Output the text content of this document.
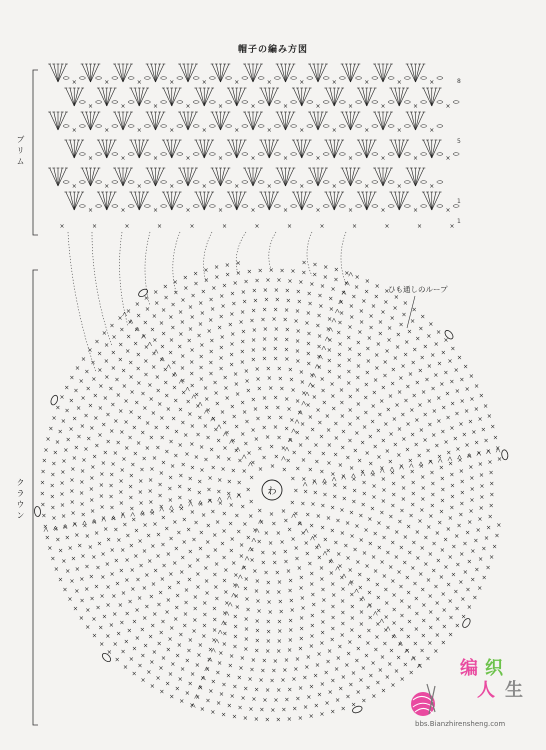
帽子の編み方図
ブリム
クラウン
8
5
1
1
ひも通しのループ
わ
×	×	×	×	×	×	×	×	×	×	×	×
×	×	×	×	×	×	×	×	×	×	×	×
×	×	×	×	×	×	×	×	×	×	×	×
×	×	×	×	×	×	×	×	×	×	×	×
×	×	×	×	×	×	×	×	×	×	×	×
×	×	×	×	×	×	×	×	×	×	×	×
×	×	×	×	×	×	×	×	×	×	×	×	×
×
×
×
×
×
×
×
×
× × ×
×
×
×
×
×
×
×
×
×
×
×
×
×
× ×
×
×
×
×
×
×
×
×
×
×
×
×
×
×
×
×
×
×
×
× × ×
×
×
×
×
×
×
×
×
×
×
×
×
×
×
×
×
×
×
×
×
×
×
×
×
× × × ×
×
×
×
×
×
×
×
×
×
×
×
×
×
×
×
×
×
×
×
×
×
×
×
×
×
×
×
×
×
× × × ×
×
×
×
×
×
×
×
×
×
×
×
×
×
×
×
×
×
×
×
×
×
×
×
×
×
×
×
×
×
×
×
×
×
×
× × × × ×
×
×
×
×
×
×
×
×
×
×
×
×
×
×
×
×
×
×
×
×
×
×
×
×
×
×
×
×
×
×
×
×
×
×
×
×
×
×
×
× × × × × ×
×
×
×
×
×
×
×
×
×
×
×
×
×
×
×
×
×
×
×
×
×
×
×
×
×
×
×
×
×
×
×
×
×
×
×
×
×
×
×
×
×
×
×
×
× × × × × ×
×
×
×
×
×
×
×
×
×
×
×
×
×
×
×
×
×
×
×
×
×
×
×
×
×
×
×
×
×
×
×
×
×
×
×
×
×
×
×
×
×
×
×
×
×
×
×
×
×
× × × × × × ×
×
×
×
×
×
×
×
×
×
×
×
×
×
×
×
×
×
×
×
×
×
×
×
×
×
×
×
×
×
×
×
×
×
×
×
×
×
×
×
×
×
×
×
×
×
×
×
×
×
×
×
×
×
×
× × × × × × ×
×
×
×
×
×
×
×
×
×
×
×
×
×
×
×
×
×
×
×
×
×
×
×
×
×
×
×
×
×
×
×
×
×
×
×
×
×
×
×
×
×
×
×
×
×
×
×
×
×
×
×
×
×
×
×
×
×
×
×
×
× × × × × × × ×
×
×
×
×
×
×
×
×
×
×
×
×
×
×
×
×
×
×
×
×
×
×
×
×
×
×
×
×
×
×
×
×
×
×
×
×
×
×
×
×
×
×
×
×
×
×
×
×
×
×
×
×
×
×
×
×
×
×
×
×
×
×
×
×
× × × × × × × ×
×
×
×
×
×
×
×
×
×
×
×
×
×
×
×
×
×
×
×
×
×
×
×
×
×
×
×
×
×
×
×
×
×
×
×
×
×
×
×
×
×
×
×
×
×
×
×
×
×
×
×
×
×
×
×
×
×
×
×
×
×
×
×
×
×
×
×
×
×
×
× × × × × × × × ×
×
×
×
×
×
×
×
×
×
×
×
×
×
×
×
×
×
×
×
×
×
×
×
×
×
×
×
×
×
×
×
×
×
×
×
×
×
×
×
×
×
×
×
×
×
×
×
×
×
×
×
×
×
×
×
×
×
×
×
×
×
×
×
×
×
×
×
×
×
×
×
×
×
×
× × × × × × × × × ×
×
×
×
×
×
×
×
×
×
×
×
×
×
×
×
×
×
×
×
×
×
×
×
×
×
×
×
×
×
×
×
×
×
×
×
×
×
×
×
×
×
×
×
×
×
×
×
×
×
×
×
×
×
×
×
×
×
×
×
×
×
×
×
×
×
×
×
×
×
×
×
×
×
×
×
×
×
×
×
×
× × × × × × × × × ×
×
×
×
×
×
×
×
×
×
×
×
×
×
×
×
×
×
×
×
×
×
×
×
×
×
×
×
×
×
×
×
×
×
×
×
×
×
×
×
×
×
×
×
×
×
×
×
×
×
×
×
×
×
×
×
×
×
×
×
×
×
×
×
×
×
×
×
×
×
×
×
×
×
×
×
×
×
×
×
×
×
×
×
×
×
× × × × × × × × × × ×
×
×
×
×
×
×
×
×
×
×
×
×
×
×
×
×
×
×
×
×
×
×
×
×
×
×
×
×
×
×
×
×
×
×
×
×
×
×
×
×
×
×
×
×
×
×
×
×
×
×
×
×
×
×
×
×
×
×
×
×
×
×
×
×
×
×
×
×
×
×
×
×
×
×
×
×
×
×
×
×
×
×
×
×
×
×
×
×
×
× × × × × × × × × × × ×
×
×
×
×
×
×
×
×
×
×
×
×
×
×
×
×
×
×
×
×
×
×
×
×
×
×
×
×
×
×
×
×
×
×
×
×
×
×
×
×
×
×
×
×
×
×
×
×
×
×
×
×
×
×
×
×
×
×
×
×
×
×
×
×
×
×
×
×
×
×
×
×
×
×
×
×
×
×
×
×
×
×
×
×
×
×
×
×
×
×
×
×
×
×
×
× × × × × × × × × × × ×
×
×
×
×
×
×
×
×
×
×
×
×
×
×
×
×
×
×
×
×
×
×
×
×
×
×
×
×
×
×
×
×
×
×
×
×
×
×
×
×
×
×
×
×
×
×
×
×
×
×
×
×
×
×
×
×
×
×
×
×
×
×
×
×
×
×
×
×
×
×
×
×
×
×
×
×
×
×
×
×
×
×
×
×
×
×
×
×
×
×
×
×
×
×
×
×
×
×
×
×
× × × × × × × × × × × × ×
×
×
×
×
×
×
×
×
×
×
×
×
×
×
×
×
×
×
×
×
×
×
×
×
×
×
×
×
×
×
×
×
×
×
×
×
×
×
×
×
×
×
×
×
×
×
×
×
×
×
×
×
×
×
×
×
×
×
×
×
×
×
×
×
×
×
×
×
×
×
×
×
×
×
×
×
×
×
×
×
×
×
×
×
×
×
×
×
×
×
×
×
×
×
×
×
×
×
×
×
×
×
×
×
× × × × × × × × × × × × × ×
×
×
×
×
×
×
×
×
×
×
×
×
×
×
×
×
×
×
×
×
×
×
×
×
×
×
×
×
×
×
×
×
×
×
×
×
×
×
×
×
×
×
×
×
×
×
×
×
×
×
×
×
×
×
×
×
×
×
×
×
×
×
×
×
×
×
×
×
×
×
×
×
×
×
×
×
×
×
×
×
×
×
×
×
×
×
×
×
×
×
×
×
×
×
×
×
×
×
×
×
×
×
×
×
×
×
×
×
×
× × × × × × × × × × × × × × ×
×
×
×
×
×
×
×
×
×
×
×
×
×
×
×
×
×
×
×
×
×
×
×
×
×
×
×
×
×
×
×
×
×
×
×
×
×
×
×
×
×
×
×
×
×
×
×
×
×
×
×
×
×
×
×
×
×
×
×
×
×
×
×
×
×
×
×
×
×
×
×
×
×
×
×
×
×
×
×
×
×
×
×
×
×
×
×
×
×
×
×
×
×
×
×
×
×
×
×
×
×
×
×
×
×
×
×
×
×
×
×
×
×
×
× × × × ×	× × × × ×
×
×
×
×
×
×
×
×
×
×
×
×
×
×
×
×
×
×
×
×
×
×
×
×
×
×
×
×
×
编 织
人 生
bbs.Bianzhirensheng.com
